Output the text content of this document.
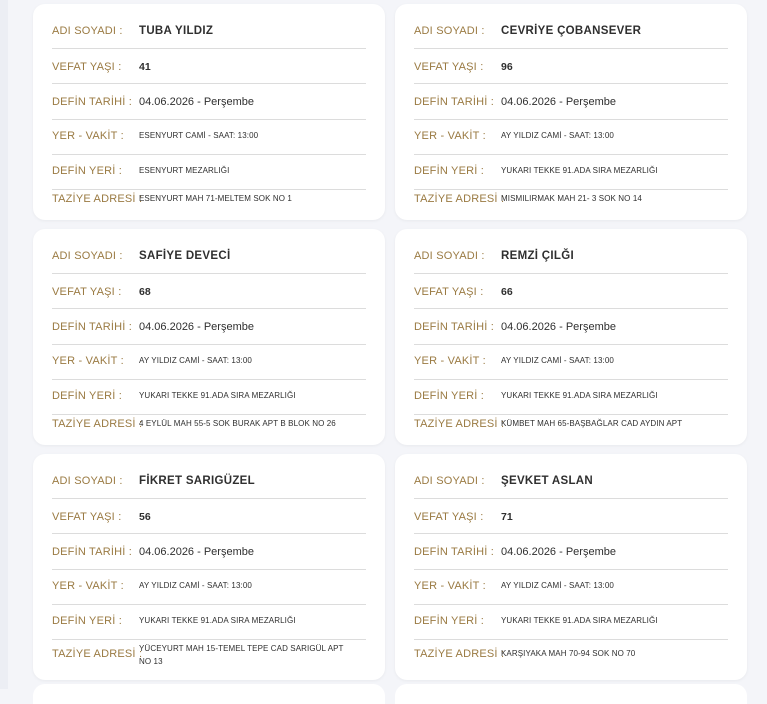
ADI SOYADI : TUBA YILDIZ
VEFAT YAŞI : 41
DEFİN TARİHİ : 04.06.2026 - Perşembe
YER - VAKİT : ESENYURT CAMİ - SAAT: 13:00
DEFİN YERİ : ESENYURT MEZARLIĞI
TAZİYE ADRESİ :
ESENYURT MAH 71-MELTEM SOK NO 1
ADI SOYADI : CEVRİYE ÇOBANSEVER
VEFAT YAŞI : 96
DEFİN TARİHİ : 04.06.2026 - Perşembe
YER - VAKİT : AY YILDIZ CAMİ - SAAT: 13:00
DEFİN YERİ : YUKARI TEKKE 91.ADA SIRA MEZARLIĞI
TAZİYE ADRESİ :
MISMILIRMAK MAH 21- 3 SOK NO 14
ADI SOYADI : SAFİYE DEVECİ
VEFAT YAŞI : 68
DEFİN TARİHİ : 04.06.2026 - Perşembe
YER - VAKİT : AY YILDIZ CAMİ - SAAT: 13:00
DEFİN YERİ : YUKARI TEKKE 91.ADA SIRA MEZARLIĞI
TAZİYE ADRESİ :
4 EYLÜL MAH 55-5 SOK BURAK APT B BLOK NO 26
ADI SOYADI : REMZİ ÇILĞI
VEFAT YAŞI : 66
DEFİN TARİHİ : 04.06.2026 - Perşembe
YER - VAKİT : AY YILDIZ CAMİ - SAAT: 13:00
DEFİN YERİ : YUKARI TEKKE 91.ADA SIRA MEZARLIĞI
TAZİYE ADRESİ :
KÜMBET MAH 65-BAŞBAĞLAR CAD AYDIN APT
ADI SOYADI : FİKRET SARIGÜZEL
VEFAT YAŞI : 56
DEFİN TARİHİ : 04.06.2026 - Perşembe
YER - VAKİT : AY YILDIZ CAMİ - SAAT: 13:00
DEFİN YERİ : YUKARI TEKKE 91.ADA SIRA MEZARLIĞI
TAZİYE ADRESİ :
YÜCEYURT MAH 15-TEMEL TEPE CAD SARIGÜL APT NO 13
ADI SOYADI : ŞEVKET ASLAN
VEFAT YAŞI : 71
DEFİN TARİHİ : 04.06.2026 - Perşembe
YER - VAKİT : AY YILDIZ CAMİ - SAAT: 13:00
DEFİN YERİ : YUKARI TEKKE 91.ADA SIRA MEZARLIĞI
TAZİYE ADRESİ :
KARŞIYAKA MAH 70-94 SOK NO 70
